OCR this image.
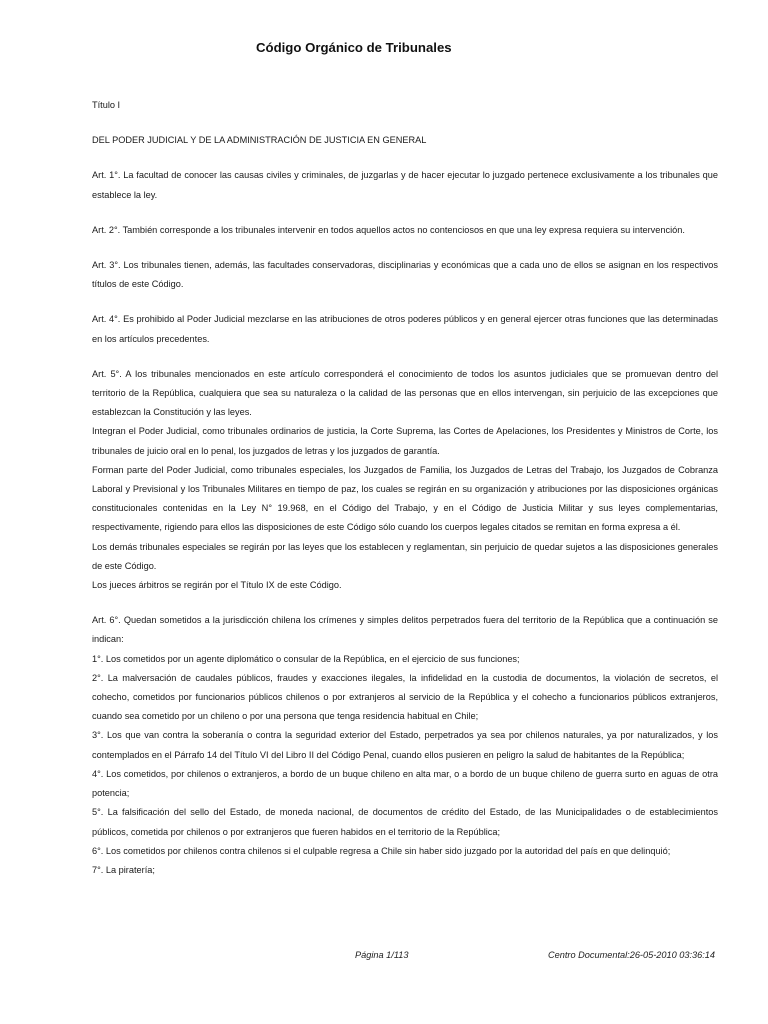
Código Orgánico de Tribunales

Título I

DEL PODER JUDICIAL Y DE LA ADMINISTRACIÓN DE JUSTICIA EN GENERAL

Art. 1°. La facultad de conocer las causas civiles y criminales, de juzgarlas y de hacer ejecutar lo juzgado pertenece exclusivamente a los tribunales que establece la ley.

Art. 2°. También corresponde a los tribunales intervenir en todos aquellos actos no contenciosos en que una ley expresa requiera su intervención.

Art. 3°. Los tribunales tienen, además, las facultades conservadoras, disciplinarias y económicas que a cada uno de ellos se asignan en los respectivos títulos de este Código.

Art. 4°. Es prohibido al Poder Judicial mezclarse en las atribuciones de otros poderes públicos y en general ejercer otras funciones que las determinadas en los artículos precedentes.

Art. 5°. A los tribunales mencionados en este artículo corresponderá el conocimiento de todos los asuntos judiciales que se promuevan dentro del territorio de la República, cualquiera que sea su naturaleza o la calidad de las personas que en ellos intervengan, sin perjuicio de las excepciones que establezcan la Constitución y las leyes.

Integran el Poder Judicial, como tribunales ordinarios de justicia, la Corte Suprema, las Cortes de Apelaciones, los Presidentes y Ministros de Corte, los tribunales de juicio oral en lo penal, los juzgados de letras y los juzgados de garantía.

Forman parte del Poder Judicial, como tribunales especiales, los Juzgados de Familia, los Juzgados de Letras del Trabajo, los Juzgados de Cobranza Laboral y Previsional y los Tribunales Militares en tiempo de paz, los cuales se regirán en su organización y atribuciones por las disposiciones orgánicas constitucionales contenidas en la Ley N° 19.968, en el Código del Trabajo, y en el Código de Justicia Militar y sus leyes complementarias, respectivamente, rigiendo para ellos las disposiciones de este Código sólo cuando los cuerpos legales citados se remitan en forma expresa a él.

Los demás tribunales especiales se regirán por las leyes que los establecen y reglamentan, sin perjuicio de quedar sujetos a las disposiciones generales de este Código.

Los jueces árbitros se regirán por el Título IX de este Código.

Art. 6°. Quedan sometidos a la jurisdicción chilena los crímenes y simples delitos perpetrados fuera del territorio de la República que a continuación se indican:

1°. Los cometidos por un agente diplomático o consular de la República, en el ejercicio de sus funciones;

2°. La malversación de caudales públicos, fraudes y exacciones ilegales, la infidelidad en la custodia de documentos, la violación de secretos, el cohecho, cometidos por funcionarios públicos chilenos o por extranjeros al servicio de la República y el cohecho a funcionarios públicos extranjeros, cuando sea cometido por un chileno o por una persona que tenga residencia habitual en Chile;

3°. Los que van contra la soberanía o contra la seguridad exterior del Estado, perpetrados ya sea por chilenos naturales, ya por naturalizados, y los contemplados en el Párrafo 14 del Título VI del Libro II del Código Penal, cuando ellos pusieren en peligro la salud de habitantes de la República;

4°. Los cometidos, por chilenos o extranjeros, a bordo de un buque chileno en alta mar, o a bordo de un buque chileno de guerra surto en aguas de otra potencia;

5°. La falsificación del sello del Estado, de moneda nacional, de documentos de crédito del Estado, de las Municipalidades o de establecimientos públicos, cometida por chilenos o por extranjeros que fueren habidos en el territorio de la República;

6°. Los cometidos por chilenos contra chilenos si el culpable regresa a Chile sin haber sido juzgado por la autoridad del país en que delinquió;

7°. La piratería;

Página 1/113	Centro Documental:26-05-2010 03:36:14
